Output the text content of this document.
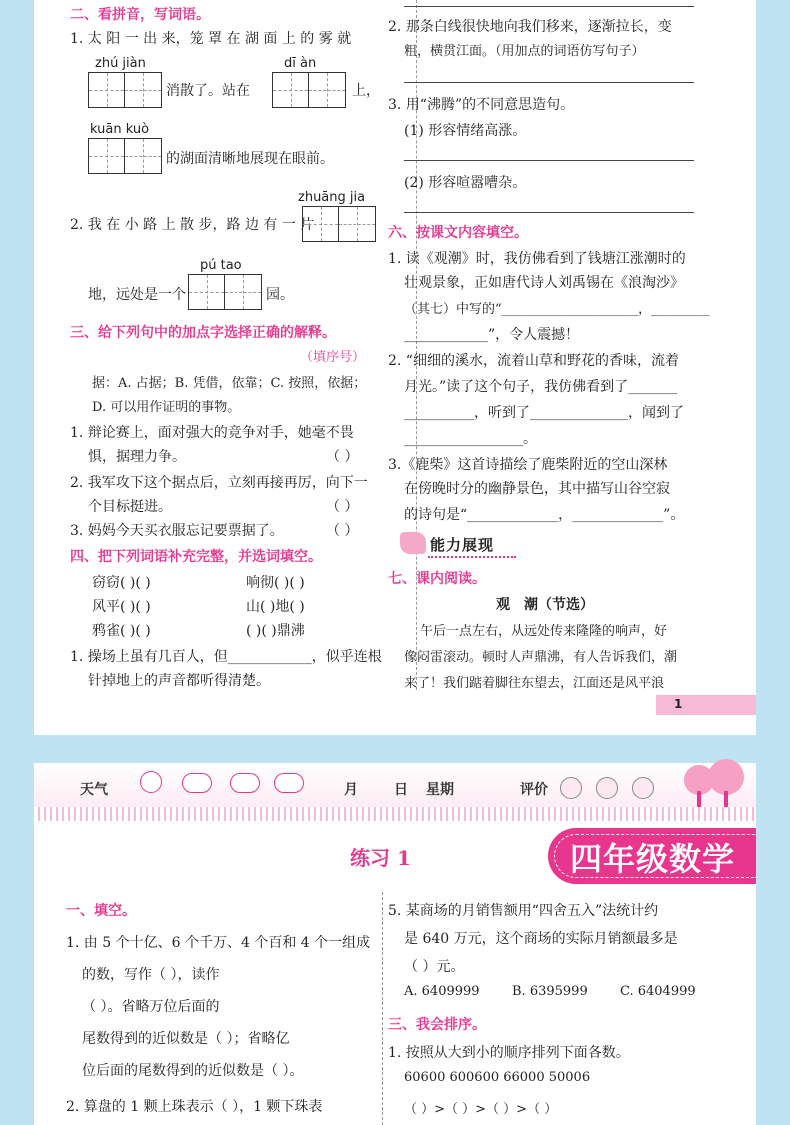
1
二、看拼音，写词语。
1. 太 阳 一 出 来，笼 罩 在 湖 面 上 的 雾 就
zhú jiàn
消散了。站在
dī àn
上，
kuān kuò
的湖面清晰地展现在眼前。
zhuāng jia
2. 我 在 小 路 上 散 步，路 边 有 一 片
pú tao
地，远处是一个	园。
三、给下列句中的加点字选择正确的解释。
（填序号）
据：A. 占据；B. 凭借，依靠；C. 按照，依据；
D. 可以用作证明的事物。
1. 辩论赛上，面对强大的竞争对手，她毫不畏
惧，据理力争。	（ ）
2. 我军攻下这个据点后，立刻再接再厉，向下一
个目标挺进。	（ ）
3. 妈妈今天买衣服忘记要票据了。	（ ）
四、把下列词语补充完整，并选词填空。
窃窃( )( )	响彻( )( )
风平( )( )	山( )地( )
鸦雀( )( )	( )( )鼎沸
1. 操场上虽有几百人，但____________，似乎连根
针掉地上的声音都听得清楚。
2. 那条白线很快地向我们移来，逐渐拉长，变
粗，横贯江面。（用加点的词语仿写句子）
3. 用“沸腾”的不同意思造句。
(1) 形容情绪高涨。
(2) 形容喧嚣嘈杂。
六、按课文内容填空。
1. 读《观潮》时，我仿佛看到了钱塘江涨潮时的
壮观景象，正如唐代诗人刘禹锡在《浪淘沙》
（其七）中写的“_____________________，_________
____________”，令人震撼！
2. “细细的溪水，流着山草和野花的香味，流着
月光。”读了这个句子，我仿佛看到了_______
__________，听到了______________，闻到了
_________________。
3.《鹿柴》这首诗描绘了鹿柴附近的空山深林
在傍晚时分的幽静景色，其中描写山谷空寂
的诗句是“_____________，_____________”。
能力展现
七、课内阅读。
观　潮（节选）
午后一点左右，从远处传来隆隆的响声，好
像闷雷滚动。顿时人声鼎沸，有人告诉我们，潮
来了！我们踮着脚往东望去，江面还是风平浪
天气	月	日 星期	评价
练习 1	四年级数学
一、填空。
1. 由 5 个十亿、6 个千万、4 个百和 4 个一组成
的数，写作（ ），读作
（ ）。省略万位后面的
尾数得到的近似数是（ ）；省略亿
位后面的尾数得到的近似数是（ ）。
2. 算盘的 1 颗上珠表示（ ），1 颗下珠表
5. 某商场的月销售额用“四舍五入”法统计约
是 640 万元，这个商场的实际月销额最多是
（ ）元。
A. 6409999 B. 6395999 C. 6404999
三、我会排序。
1. 按照从大到小的顺序排列下面各数。
60600 600600 66000 50006
（ ）>（ ）>（ ）>（ ）
